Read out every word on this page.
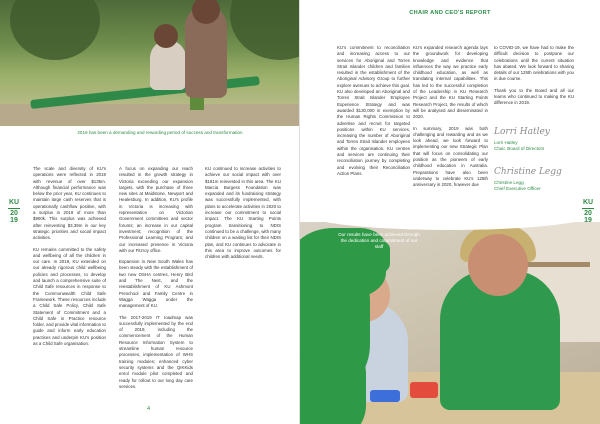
2019 has been a demanding and rewarding period of success and transformation

The scale and diversity of KU's operations were reflected in 2019 with revenue of over $135m. Although financial performance was below the prior year, KU continues to maintain large cash reserves that is operationally cashflow positive, with a surplus in 2019 of more than $900k. This surplus was achieved after reinvesting $3.39m in our key strategic priorities and social impact activities.

KU remains committed to the safety and wellbeing of all the children in our care. In 2019, KU extended on our already rigorous child wellbeing policies and processes, to develop and launch a comprehensive suite of Child Safe resources in response to the Commonwealth Child Safe Framework. These resources include a Child Safe Policy, Child Safe Statement of Commitment and a Child Safe in Practice resource folder, and provide vital information to guide and inform early education practices and underpin KU's position as a Child Safe organisation.

A focus on expanding our reach resulted in the growth strategy in Victoria exceeding our expansion targets, with the purchase of three new sites at Maidstone, Newport and Healesburg. In addition, KU's profile in Victoria is increasing with representation on Victorian Government committees and sector forums; an increase in our capital investment; recognition of the Professional Learning Program; and our increased presence in Victoria with our Fitzroy office.

Expansion in New South Wales has been steady with the establishment of two new OSHA centres, Henry Bird and The Nest, and the reestablishment of KU Ashmont Preschool and Family Centre in Wagga Wagga under the management of KU.

The 2017-2019 IT roadmap was successfully implemented by the end of 2019, including the commencement of the Human Resource Information System to streamline human resource processes, implementation of WHS training modules; enhanced cyber security systems and the QIKKids enrol module pilot completed and ready for rollout to our long day care services.

KU continued to increase activities to achieve our social impact with over $181m reinvested in this area. The KU Marcia Burgess Foundation was expanded and its fundraising strategy was successfully implemented, with plans to accelerate activities in 2020 to increase our commitment to social impact. The KU Starting Points program transitioning to NDIS continued to be a challenge, with many children on a waiting list for their NDIS plan, and KU continues to advocate in this area to improve outcomes for children with additional needs.

4
KU
20
19
CHAIR AND CEO'S REPORT

KU's commitment to reconciliation and increasing access to our services for Aboriginal and Torres Strait Islander children and families resulted in the establishment of the Aboriginal Advisory Group to further explore avenues to achieve this goal. KU also developed an Aboriginal and Torres Strait Islander Employee Experience Strategy and was awarded $130,000 in exemption by the Human Rights Commission to advertise and recruit for targeted positions within KU services, increasing the number of Aboriginal and Torres Strait Islander employees within the organisation. KU centres and services are continuing their reconciliation journey by completing and evolving their Reconciliation Action Plans.

KU's expanded research agenda lays the groundwork for developing knowledge and evidence that influences the way we practice early childhood education, as well as translating internal capabilities. This has led to the successful completion of the Leadership in KU Research Project and the KU Starting Points Research Project, the results of which will be analysed and disseminated in 2020.

In summary, 2019 was both challenging and rewarding and as we look ahead, we look forward to implementing our new Strategic Plan that will focus on consolidating our position as the pioneers of early childhood education in Australia. Preparations have also been underway to celebrate KU's 125th anniversary in 2020, however due

to COVID-19, we have had to make the difficult decision to postpone our celebrations until the current situation has abated. We look forward to sharing details of our 125th celebrations with you in due course.

Thank you to the Board and all our teams who continued to making the KU difference in 2019.

Lorri Hatley
Lorri Hatley
Chair, Board of Directors
Christine Legg
Christine Legg
Chief Executive Officer
Our results have been achieved through the dedication and commitment of our staff
KU
20
19
